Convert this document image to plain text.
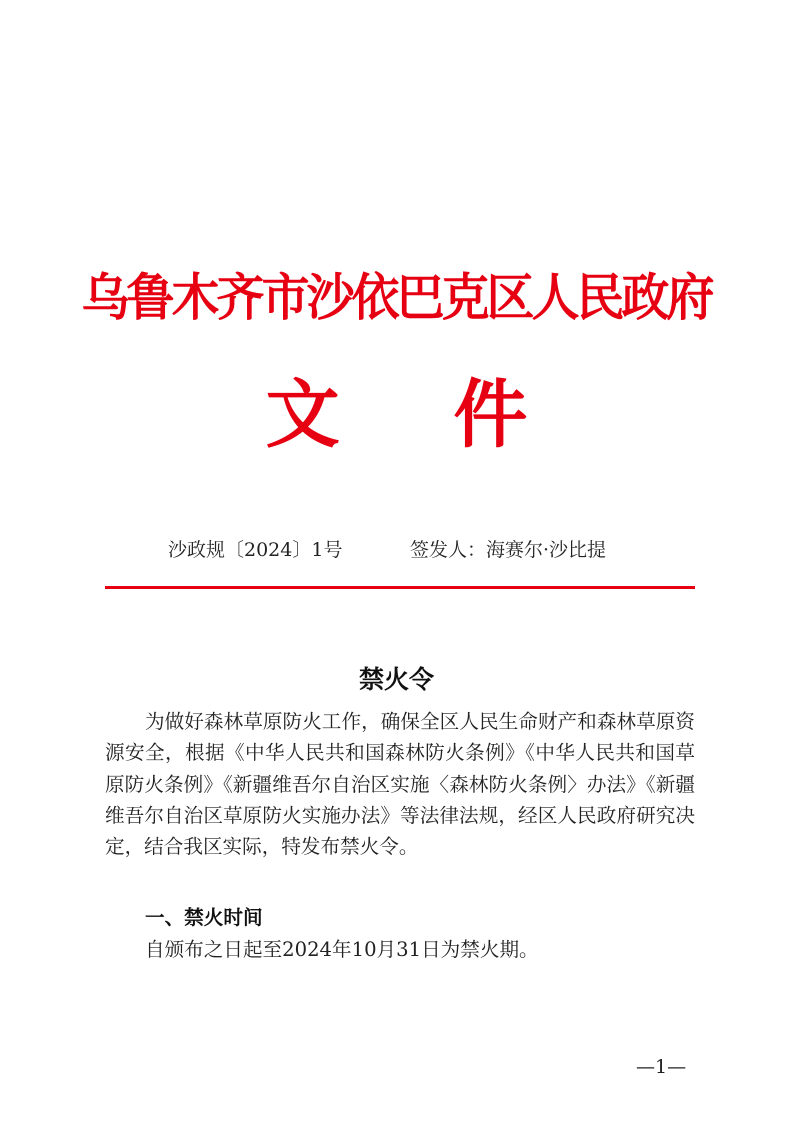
乌鲁木齐市沙依巴克区人民政府
文 件
沙政规〔2024〕1号	签发人：海赛尔·沙比提
禁火令
为做好森林草原防火工作，确保全区人民生命财产和森林草原资源安全，根据《中华人民共和国森林防火条例》《中华人民共和国草原防火条例》《新疆维吾尔自治区实施〈森林防火条例〉办法》《新疆维吾尔自治区草原防火实施办法》等法律法规，经区人民政府研究决定，结合我区实际，特发布禁火令。
一、禁火时间
自颁布之日起至2024年10月31日为禁火期。
—1—
